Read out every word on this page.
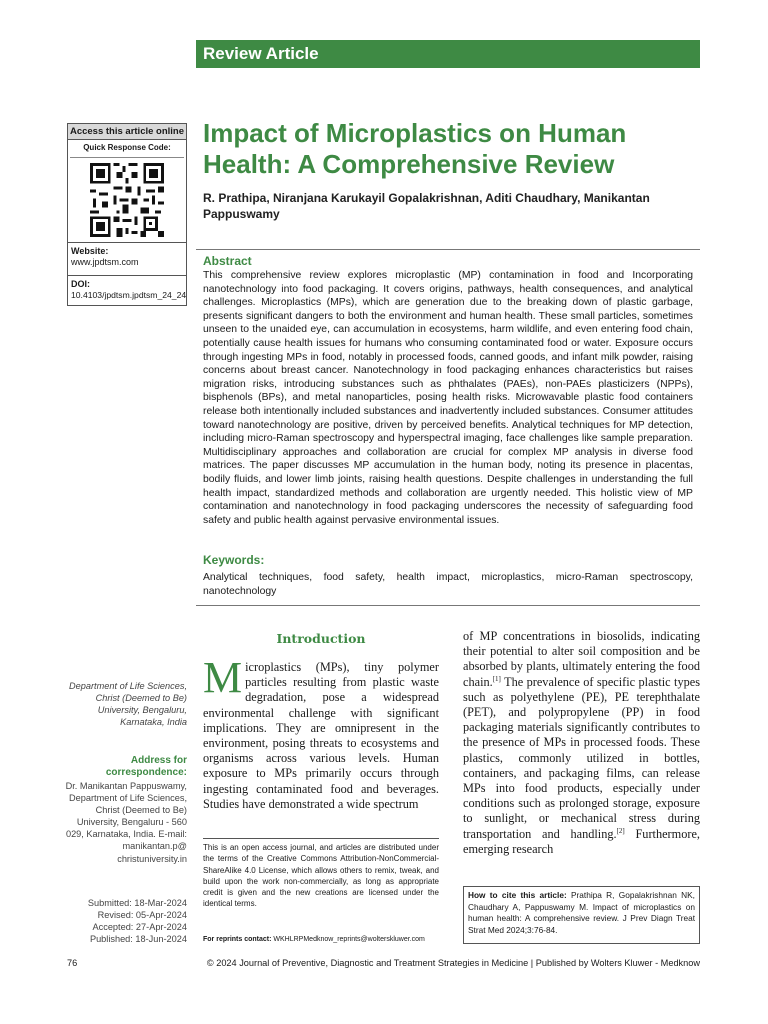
Review Article
Impact of Microplastics on Human Health: A Comprehensive Review
R. Prathipa, Niranjana Karukayil Gopalakrishnan, Aditi Chaudhary, Manikantan Pappuswamy
Access this article online
Quick Response Code:
Website:
www.jpdtsm.com
DOI:
10.4103/jpdtsm.jpdtsm_24_24
Abstract
This comprehensive review explores microplastic (MP) contamination in food and Incorporating nanotechnology into food packaging. It covers origins, pathways, health consequences, and analytical challenges. Microplastics (MPs), which are generation due to the breaking down of plastic garbage, presents significant dangers to both the environment and human health. These small particles, sometimes unseen to the unaided eye, can accumulation in ecosystems, harm wildlife, and even entering food chain, potentially cause health issues for humans who consuming contaminated food or water. Exposure occurs through ingesting MPs in food, notably in processed foods, canned goods, and infant milk powder, raising concerns about breast cancer. Nanotechnology in food packaging enhances characteristics but raises migration risks, introducing substances such as phthalates (PAEs), non-PAEs plasticizers (NPPs), bisphenols (BPs), and metal nanoparticles, posing health risks. Microwavable plastic food containers release both intentionally included substances and inadvertently included substances. Consumer attitudes toward nanotechnology are positive, driven by perceived benefits. Analytical techniques for MP detection, including micro-Raman spectroscopy and hyperspectral imaging, face challenges like sample preparation. Multidisciplinary approaches and collaboration are crucial for complex MP analysis in diverse food matrices. The paper discusses MP accumulation in the human body, noting its presence in placentas, bodily fluids, and lower limb joints, raising health questions. Despite challenges in understanding the full health impact, standardized methods and collaboration are urgently needed. This holistic view of MP contamination and nanotechnology in food packaging underscores the necessity of safeguarding food safety and public health against pervasive environmental issues.
Keywords:
Analytical techniques, food safety, health impact, microplastics, micro-Raman spectroscopy, nanotechnology
Introduction
Microplastics (MPs), tiny polymer particles resulting from plastic waste degradation, pose a widespread environmental challenge with significant implications. They are omnipresent in the environment, posing threats to ecosystems and organisms across various levels. Human exposure to MPs primarily occurs through ingesting contaminated food and beverages. Studies have demonstrated a wide spectrum
of MP concentrations in biosolids, indicating their potential to alter soil composition and be absorbed by plants, ultimately entering the food chain.[1] The prevalence of specific plastic types such as polyethylene (PE), PE terephthalate (PET), and polypropylene (PP) in food packaging materials significantly contributes to the presence of MPs in processed foods. These plastics, commonly utilized in bottles, containers, and packaging films, can release MPs into food products, especially under conditions such as prolonged storage, exposure to sunlight, or mechanical stress during transportation and handling.[2] Furthermore, emerging research
This is an open access journal, and articles are distributed under the terms of the Creative Commons Attribution-NonCommercial-ShareAlike 4.0 License, which allows others to remix, tweak, and build upon the work non-commercially, as long as appropriate credit is given and the new creations are licensed under the identical terms.
For reprints contact: WKHLRPMedknow_reprints@wolterskluwer.com
How to cite this article: Prathipa R, Gopalakrishnan NK, Chaudhary A, Pappuswamy M. Impact of microplastics on human health: A comprehensive review. J Prev Diagn Treat Strat Med 2024;3:76-84.
Department of Life Sciences, Christ (Deemed to Be) University, Bengaluru, Karnataka, India
Address for correspondence:
Dr. Manikantan Pappuswamy, Department of Life Sciences, Christ (Deemed to Be) University, Bengaluru - 560 029, Karnataka, India. E-mail: manikantan.p@ christuniversity.in
Submitted: 18-Mar-2024
Revised: 05-Apr-2024
Accepted: 27-Apr-2024
Published: 18-Jun-2024
76	© 2024 Journal of Preventive, Diagnostic and Treatment Strategies in Medicine | Published by Wolters Kluwer - Medknow
